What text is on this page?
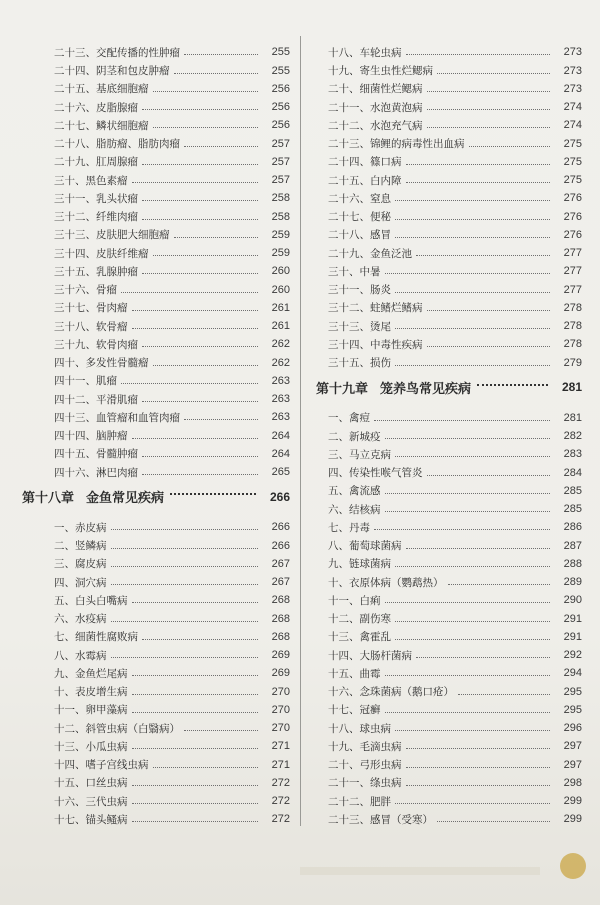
二十三、交配传播的性肿瘤	255
二十四、阴茎和包皮肿瘤	255
二十五、基底细胞瘤	256
二十六、皮脂腺瘤	256
二十七、鳞状细胞瘤	256
二十八、脂肪瘤、脂肪肉瘤	257
二十九、肛周腺瘤	257
三十、黑色素瘤	257
三十一、乳头状瘤	258
三十二、纤维肉瘤	258
三十三、皮肤肥大细胞瘤	259
三十四、皮肤纤维瘤	259
三十五、乳腺肿瘤	260
三十六、骨瘤	260
三十七、骨肉瘤	261
三十八、软骨瘤	261
三十九、软骨肉瘤	262
四十、多发性骨髓瘤	262
四十一、肌瘤	263
四十二、平滑肌瘤	263
四十三、血管瘤和血管肉瘤	263
四十四、脑肿瘤	264
四十五、骨髓肿瘤	264
四十六、淋巴肉瘤	265
第十八章 金鱼常见疾病	266
一、赤皮病	266
二、竖鳞病	266
三、腐皮病	267
四、洞穴病	267
五、白头白嘴病	268
六、水疫病	268
七、细菌性腐败病	268
八、水霉病	269
九、金鱼烂尾病	269
十、表皮增生病	270
十一、卵甲藻病	270
十二、斜管虫病（白翳病）	270
十三、小瓜虫病	271
十四、嗜子宫线虫病	271
十五、口丝虫病	272
十六、三代虫病	272
十七、锚头鳋病	272
十八、车轮虫病	273
十九、寄生虫性烂鳃病	273
二十、细菌性烂鳃病	273
二十一、水泡黄泡病	274
二十二、水泡充气病	274
二十三、锦鲤的病毒性出血病	275
二十四、篠口病	275
二十五、白内障	275
二十六、窒息	276
二十七、便秘	276
二十八、感冒	276
二十九、金鱼泛池	277
三十、中暑	277
三十一、肠炎	277
三十二、蛀鳍烂鳍病	278
三十三、烫尾	278
三十四、中毒性疾病	278
三十五、损伤	279
第十九章 笼养鸟常见疾病	281
一、禽痘	281
二、新城疫	282
三、马立克病	283
四、传染性喉气管炎	284
五、禽流感	285
六、结核病	285
七、丹毒	286
八、葡萄球菌病	287
九、链球菌病	288
十、衣原体病（鹦鹉热）	289
十一、白痢	290
十二、副伤寒	291
十三、禽霍乱	291
十四、大肠杆菌病	292
十五、曲霉	294
十六、念珠菌病（鹅口疮）	295
十七、冠癣	295
十八、球虫病	296
十九、毛滴虫病	297
二十、弓形虫病	297
二十一、绦虫病	298
二十二、肥胖	299
二十三、感冒（受寒）	299
